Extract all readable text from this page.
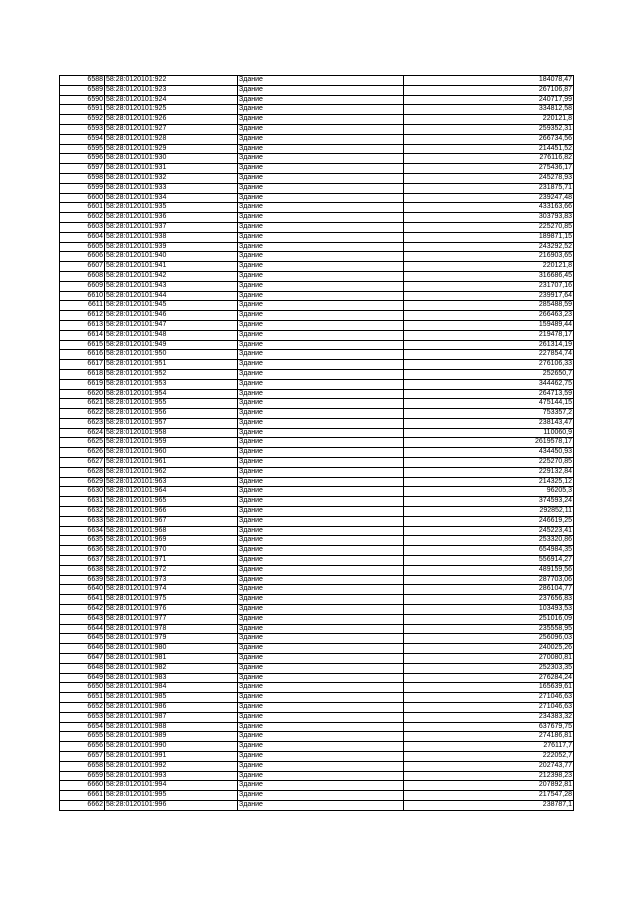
6588	58:28:0120101:922	Здание	184078,47
6589	58:28:0120101:923	Здание	267106,87
6590	58:28:0120101:924	Здание	240717,99
6591	58:28:0120101:925	Здание	334812,58
6592	58:28:0120101:926	Здание	220121,8
6593	58:28:0120101:927	Здание	259352,31
6594	58:28:0120101:928	Здание	266734,56
6595	58:28:0120101:929	Здание	214451,52
6596	58:28:0120101:930	Здание	276116,82
6597	58:28:0120101:931	Здание	275436,17
6598	58:28:0120101:932	Здание	245278,93
6599	58:28:0120101:933	Здание	231875,71
6600	58:28:0120101:934	Здание	239247,48
6601	58:28:0120101:935	Здание	433163,66
6602	58:28:0120101:936	Здание	303793,83
6603	58:28:0120101:937	Здание	225270,85
6604	58:28:0120101:938	Здание	189871,15
6605	58:28:0120101:939	Здание	243292,52
6606	58:28:0120101:940	Здание	216903,65
6607	58:28:0120101:941	Здание	220121,8
6608	58:28:0120101:942	Здание	316686,45
6609	58:28:0120101:943	Здание	231707,16
6610	58:28:0120101:944	Здание	239917,64
6611	58:28:0120101:945	Здание	285488,59
6612	58:28:0120101:946	Здание	266463,23
6613	58:28:0120101:947	Здание	159489,44
6614	58:28:0120101:948	Здание	219478,17
6615	58:28:0120101:949	Здание	261314,19
6616	58:28:0120101:950	Здание	227854,74
6617	58:28:0120101:951	Здание	276106,33
6618	58:28:0120101:952	Здание	252650,7
6619	58:28:0120101:953	Здание	344462,75
6620	58:28:0120101:954	Здание	264713,59
6621	58:28:0120101:955	Здание	475144,15
6622	58:28:0120101:956	Здание	753357,2
6623	58:28:0120101:957	Здание	238143,47
6624	58:28:0120101:958	Здание	110060,9
6625	58:28:0120101:959	Здание	2619578,17
6626	58:28:0120101:960	Здание	434450,93
6627	58:28:0120101:961	Здание	225270,85
6628	58:28:0120101:962	Здание	229132,84
6629	58:28:0120101:963	Здание	214325,12
6630	58:28:0120101:964	Здание	96205,3
6631	58:28:0120101:965	Здание	374593,24
6632	58:28:0120101:966	Здание	292852,11
6633	58:28:0120101:967	Здание	246619,25
6634	58:28:0120101:968	Здание	245223,41
6635	58:28:0120101:969	Здание	253320,86
6636	58:28:0120101:970	Здание	654984,35
6637	58:28:0120101:971	Здание	556914,27
6638	58:28:0120101:972	Здание	489159,56
6639	58:28:0120101:973	Здание	287703,06
6640	58:28:0120101:974	Здание	286104,77
6641	58:28:0120101:975	Здание	237656,83
6642	58:28:0120101:976	Здание	103493,53
6643	58:28:0120101:977	Здание	251016,09
6644	58:28:0120101:978	Здание	235558,95
6645	58:28:0120101:979	Здание	256096,03
6646	58:28:0120101:980	Здание	240025,26
6647	58:28:0120101:981	Здание	270080,81
6648	58:28:0120101:982	Здание	252303,35
6649	58:28:0120101:983	Здание	276284,24
6650	58:28:0120101:984	Здание	165639,61
6651	58:28:0120101:985	Здание	271046,63
6652	58:28:0120101:986	Здание	271046,63
6653	58:28:0120101:987	Здание	234383,32
6654	58:28:0120101:988	Здание	637679,75
6655	58:28:0120101:989	Здание	274186,81
6656	58:28:0120101:990	Здание	276117,7
6657	58:28:0120101:991	Здание	222052,7
6658	58:28:0120101:992	Здание	202743,77
6659	58:28:0120101:993	Здание	212398,23
6660	58:28:0120101:994	Здание	207892,81
6661	58:28:0120101:995	Здание	217547,28
6662	58:28:0120101:996	Здание	238787,1
